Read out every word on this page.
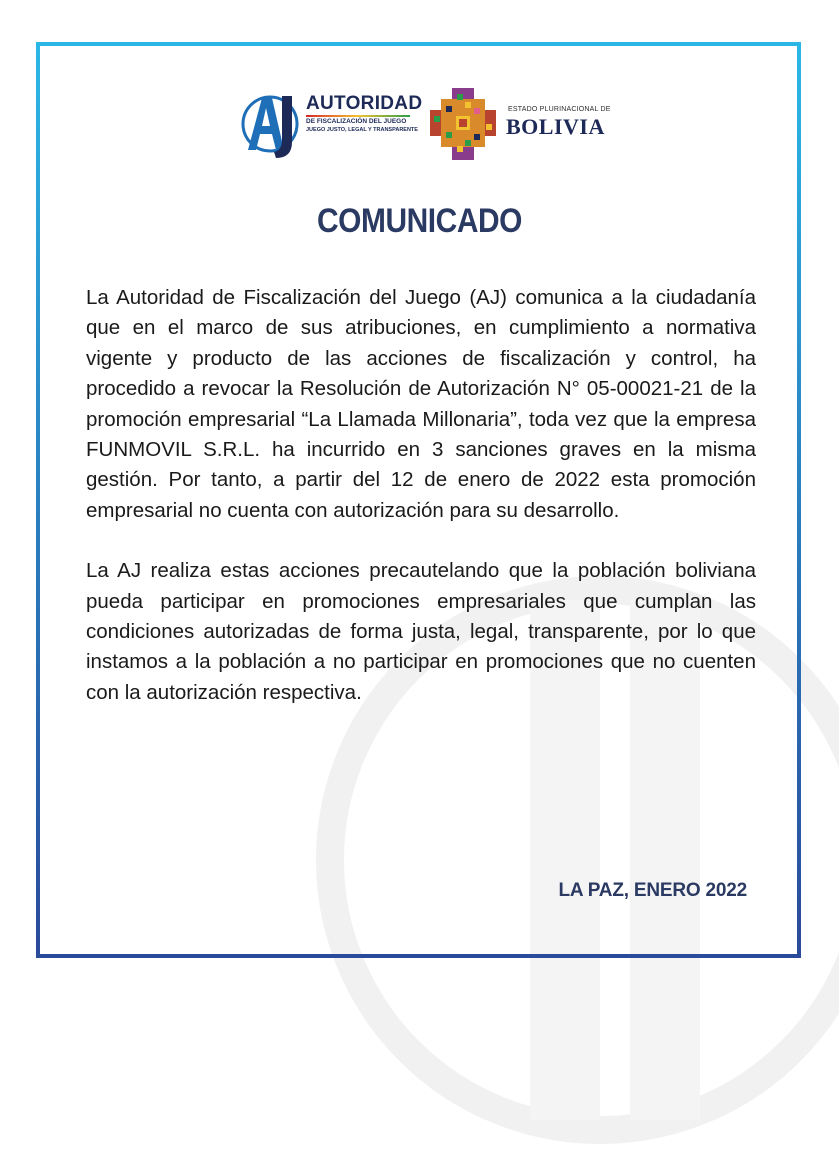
AUTORIDAD
DE FISCALIZACIÓN DEL JUEGO
JUEGO JUSTO, LEGAL Y TRANSPARENTE
ESTADO PLURINACIONAL DE
BOLIVIA
COMUNICADO

La Autoridad de Fiscalización del Juego (AJ) comunica a la ciudadanía que en el marco de sus atribuciones, en cumplimiento a normativa vigente y producto de las acciones de fiscalización y control, ha procedido a revocar la Resolución de Autorización N° 05-00021-21 de la promoción empresarial “La Llamada Millonaria”, toda vez que la empresa FUNMOVIL S.R.L. ha incurrido en 3 sanciones graves en la misma gestión. Por tanto, a partir del 12 de enero de 2022 esta promoción empresarial no cuenta con autorización para su desarrollo.

La AJ realiza estas acciones precautelando que la población boliviana pueda participar en promociones empresariales que cumplan las condiciones autorizadas de forma justa, legal, transparente, por lo que instamos a la población a no participar en promociones que no cuenten con la autorización respectiva.

LA PAZ, ENERO 2022
